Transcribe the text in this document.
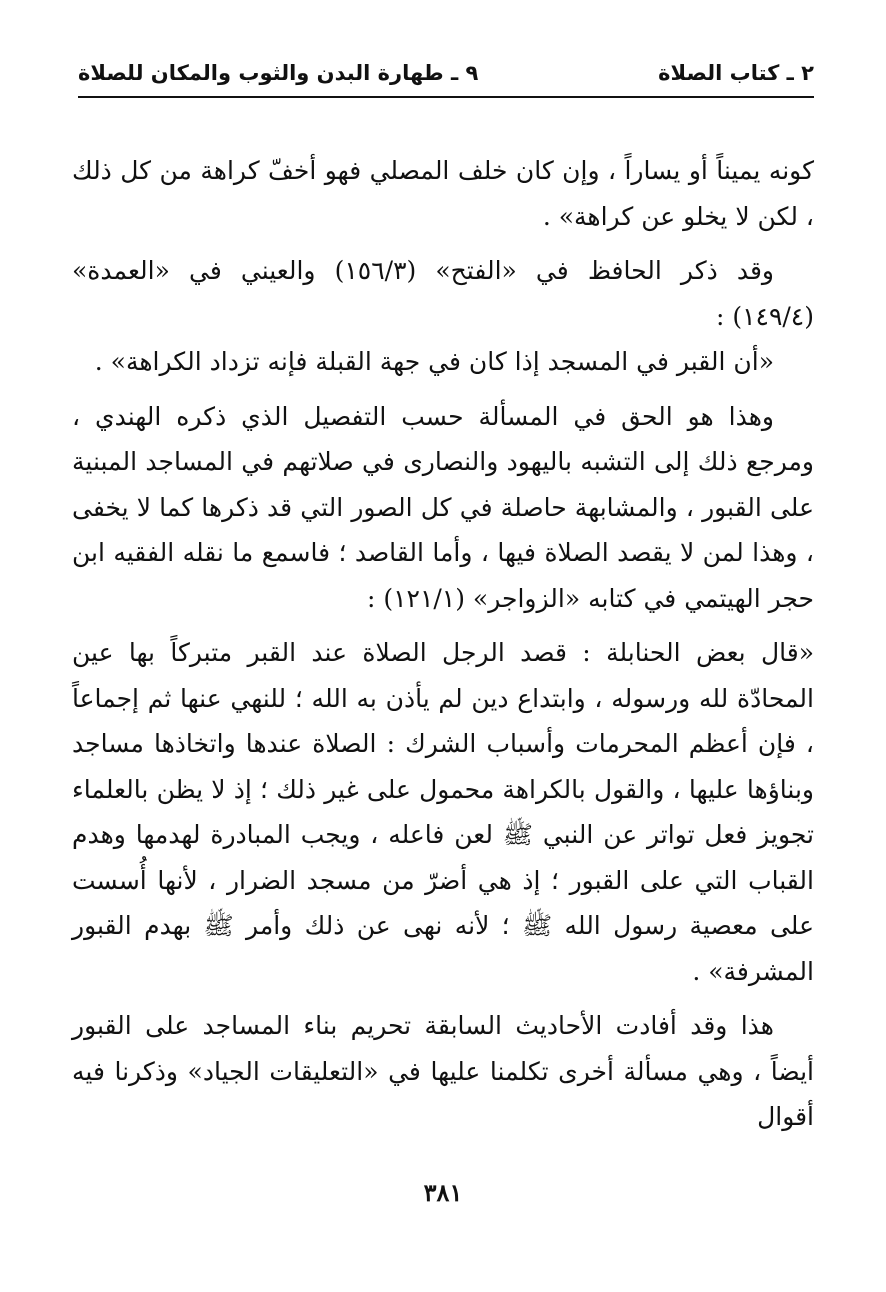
٢ ـ كتاب الصلاة
٩ ـ طهارة البدن والثوب والمكان للصلاة

كونه يميناً أو يساراً ، وإن كان خلف المصلي فهو أخفّ كراهة من كل ذلك ، لكن لا يخلو عن كراهة» .

وقد ذكر الحافظ في «الفتح» (١٥٦/٣) والعيني في «العمدة» (١٤٩/٤) :

«أن القبر في المسجد إذا كان في جهة القبلة فإنه تزداد الكراهة» .

وهذا هو الحق في المسألة حسب التفصيل الذي ذكره الهندي ، ومرجع ذلك إلى التشبه باليهود والنصارى في صلاتهم في المساجد المبنية على القبور ، والمشابهة حاصلة في كل الصور التي قد ذكرها كما لا يخفى ، وهذا لمن لا يقصد الصلاة فيها ، وأما القاصد ؛ فاسمع ما نقله الفقيه ابن حجر الهيتمي في كتابه «الزواجر» (١٢١/١) :

«قال بعض الحنابلة : قصد الرجل الصلاة عند القبر متبركاً بها عين المحادّة لله ورسوله ، وابتداع دين لم يأذن به الله ؛ للنهي عنها ثم إجماعاً ، فإن أعظم المحرمات وأسباب الشرك : الصلاة عندها واتخاذها مساجد وبناؤها عليها ، والقول بالكراهة محمول على غير ذلك ؛ إذ لا يظن بالعلماء تجويز فعل تواتر عن النبي ﷺ لعن فاعله ، ويجب المبادرة لهدمها وهدم القباب التي على القبور ؛ إذ هي أضرّ من مسجد الضرار ، لأنها أُسست على معصية رسول الله ﷺ ؛ لأنه نهى عن ذلك وأمر ﷺ بهدم القبور المشرفة» .

هذا وقد أفادت الأحاديث السابقة تحريم بناء المساجد على القبور أيضاً ، وهي مسألة أخرى تكلمنا عليها في «التعليقات الجياد» وذكرنا فيه أقوال

٣٨١
